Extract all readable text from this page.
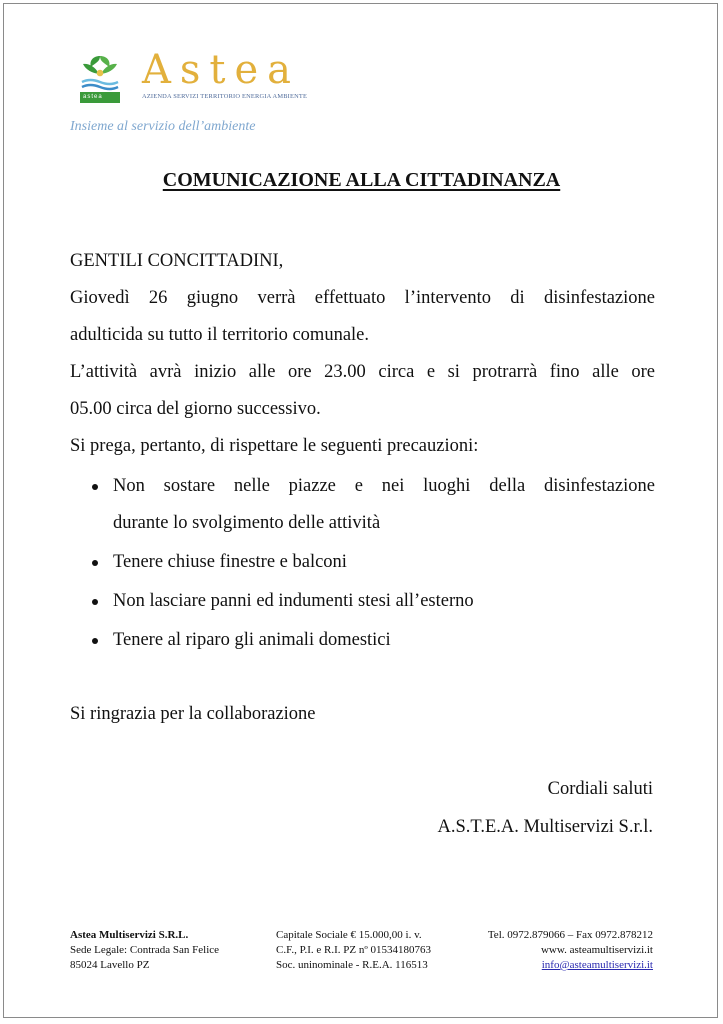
astea
Astea
AZIENDA SERVIZI TERRITORIO ENERGIA AMBIENTE
Insieme al servizio dell’ambiente
COMUNICAZIONE ALLA CITTADINANZA

GENTILI CONCITTADINI,

Giovedì 26 giugno verrà effettuato l’intervento di disinfestazione

adulticida su tutto il territorio comunale.

L’attività avrà inizio alle ore 23.00 circa e si protrarrà fino alle ore

05.00 circa del giorno successivo.

Si prega, pertanto, di rispettare le seguenti precauzioni:

Non sostare nelle piazze e nei luoghi della disinfestazione
durante lo svolgimento delle attività
Tenere chiuse finestre e balconi
Non lasciare panni ed indumenti stesi all’esterno
Tenere al riparo gli animali domestici
Si ringrazia per la collaborazione
Cordiali saluti
A.S.T.E.A. Multiservizi S.r.l.
Astea Multiservizi S.R.L.
Sede Legale: Contrada San Felice
85024 Lavello PZ
Capitale Sociale € 15.000,00 i. v.
C.F., P.I. e R.I. PZ nº 01534180763
Soc. uninominale - R.E.A. 116513
Tel. 0972.879066 – Fax 0972.878212
www. asteamultiservizi.it
info@asteamultiservizi.it
